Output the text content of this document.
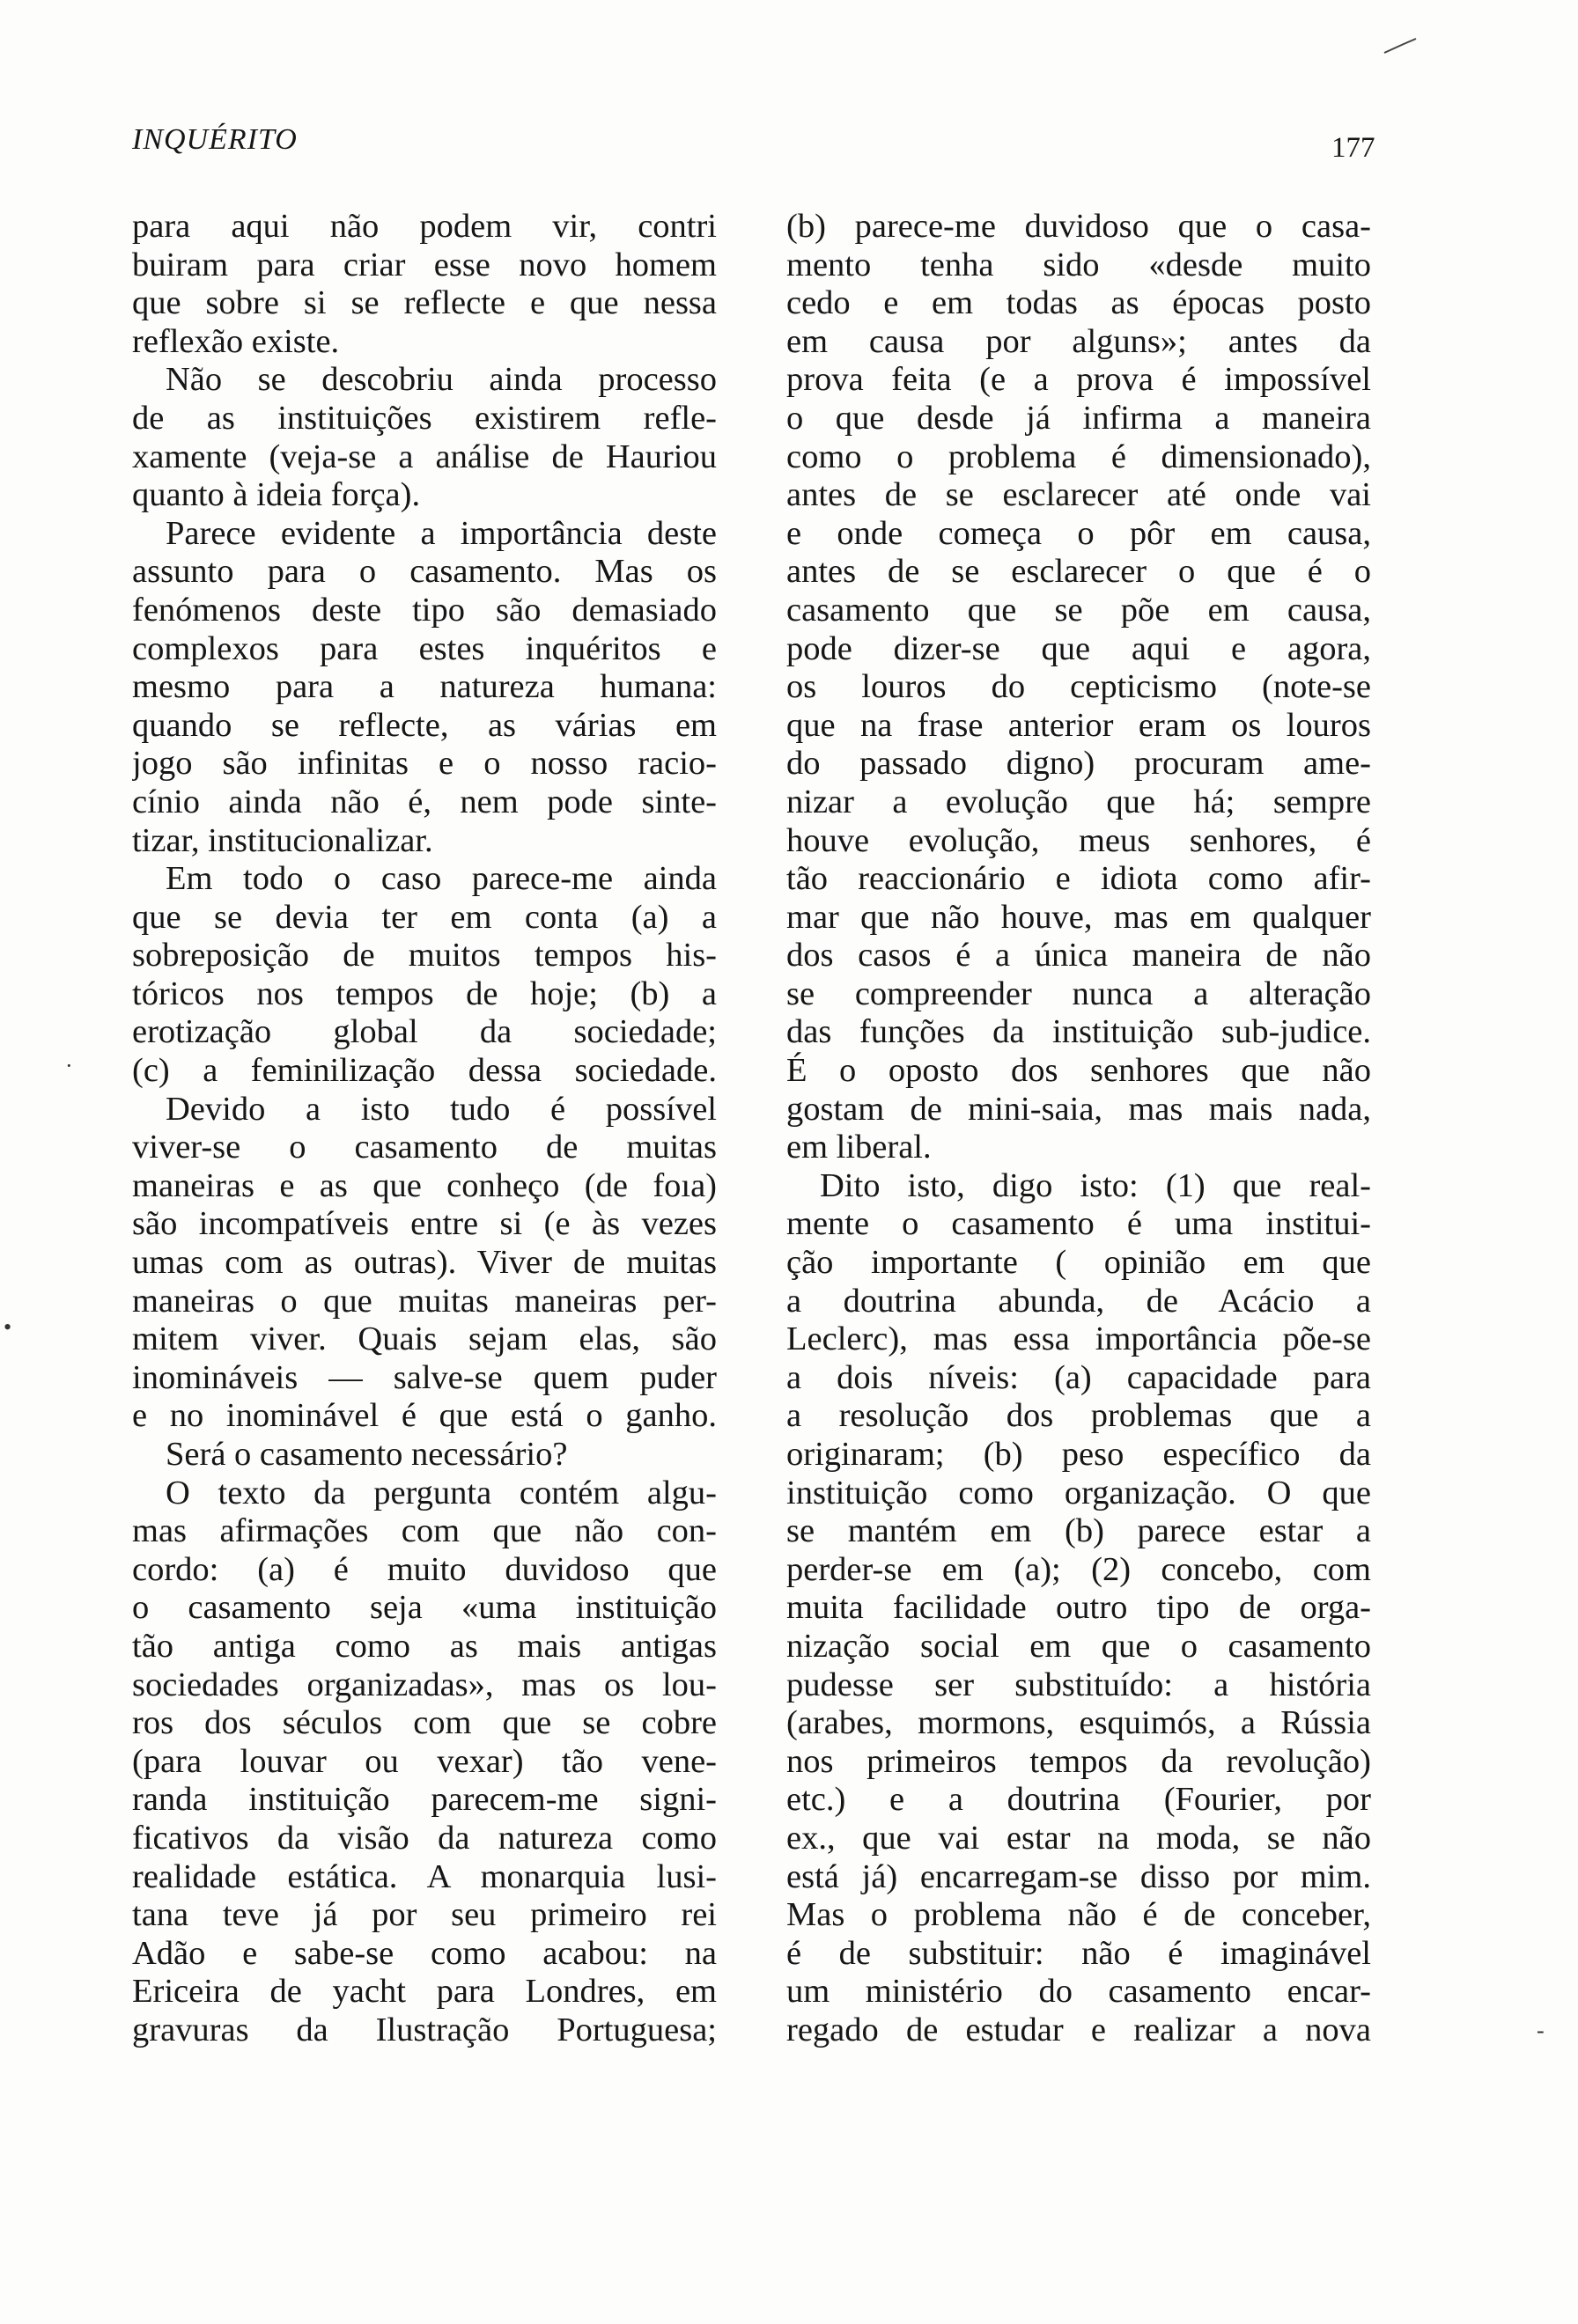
INQUÉRITO	177
para aqui não podem vir, contri
buiram para criar esse novo homem
que sobre si se reflecte e que nessa
reflexão existe.
Não se descobriu ainda processo
de as instituições existirem refle-
xamente (veja-se a análise de Hauriou
quanto à ideia força).
Parece evidente a importância deste
assunto para o casamento. Mas os
fenómenos deste tipo são demasiado
complexos para estes inquéritos e
mesmo para a natureza humana:
quando se reflecte, as várias em
jogo são infinitas e o nosso racio-
cínio ainda não é, nem pode sinte-
tizar, institucionalizar.
Em todo o caso parece-me ainda
que se devia ter em conta (a) a
sobreposição de muitos tempos his-
tóricos nos tempos de hoje; (b) a
erotização global da sociedade;
(c) a feminilização dessa sociedade.
Devido a isto tudo é possível
viver-se o casamento de muitas
maneiras e as que conheço (de foıa)
são incompatíveis entre si (e às vezes
umas com as outras). Viver de muitas
maneiras o que muitas maneiras per-
mitem viver. Quais sejam elas, são
inomináveis — salve-se quem puder
e no inominável é que está o ganho.
Será o casamento necessário?
O texto da pergunta contém algu-
mas afirmações com que não con-
cordo: (a) é muito duvidoso que
o casamento seja «uma instituição
tão antiga como as mais antigas
sociedades organizadas», mas os lou-
ros dos séculos com que se cobre
(para louvar ou vexar) tão vene-
randa instituição parecem-me signi-
ficativos da visão da natureza como
realidade estática. A monarquia lusi-
tana teve já por seu primeiro rei
Adão e sabe-se como acabou: na
Ericeira de yacht para Londres, em
gravuras da Ilustração Portuguesa;
(b) parece-me duvidoso que o casa-
mento tenha sido «desde muito
cedo e em todas as épocas posto
em causa por alguns»; antes da
prova feita (e a prova é impossível
o que desde já infirma a maneira
como o problema é dimensionado),
antes de se esclarecer até onde vai
e onde começa o pôr em causa,
antes de se esclarecer o que é o
casamento que se põe em causa,
pode dizer-se que aqui e agora,
os louros do cepticismo (note-se
que na frase anterior eram os louros
do passado digno) procuram ame-
nizar a evolução que há; sempre
houve evolução, meus senhores, é
tão reaccionário e idiota como afir-
mar que não houve, mas em qualquer
dos casos é a única maneira de não
se compreender nunca a alteração
das funções da instituição sub-judice.
É o oposto dos senhores que não
gostam de mini-saia, mas mais nada,
em liberal.
Dito isto, digo isto: (1) que real-
mente o casamento é uma institui-
ção importante ( opinião em que
a doutrina abunda, de Acácio a
Leclerc), mas essa importância põe-se
a dois níveis: (a) capacidade para
a resolução dos problemas que a
originaram; (b) peso específico da
instituição como organização. O que
se mantém em (b) parece estar a
perder-se em (a); (2) concebo, com
muita facilidade outro tipo de orga-
nização social em que o casamento
pudesse ser substituído: a história
(arabes, mormons, esquimós, a Rússia
nos primeiros tempos da revolução)
etc.) e a doutrina (Fourier, por
ex., que vai estar na moda, se não
está já) encarregam-se disso por mim.
Mas o problema não é de conceber,
é de substituir: não é imaginável
um ministério do casamento encar-
regado de estudar e realizar a nova
·
•
-
